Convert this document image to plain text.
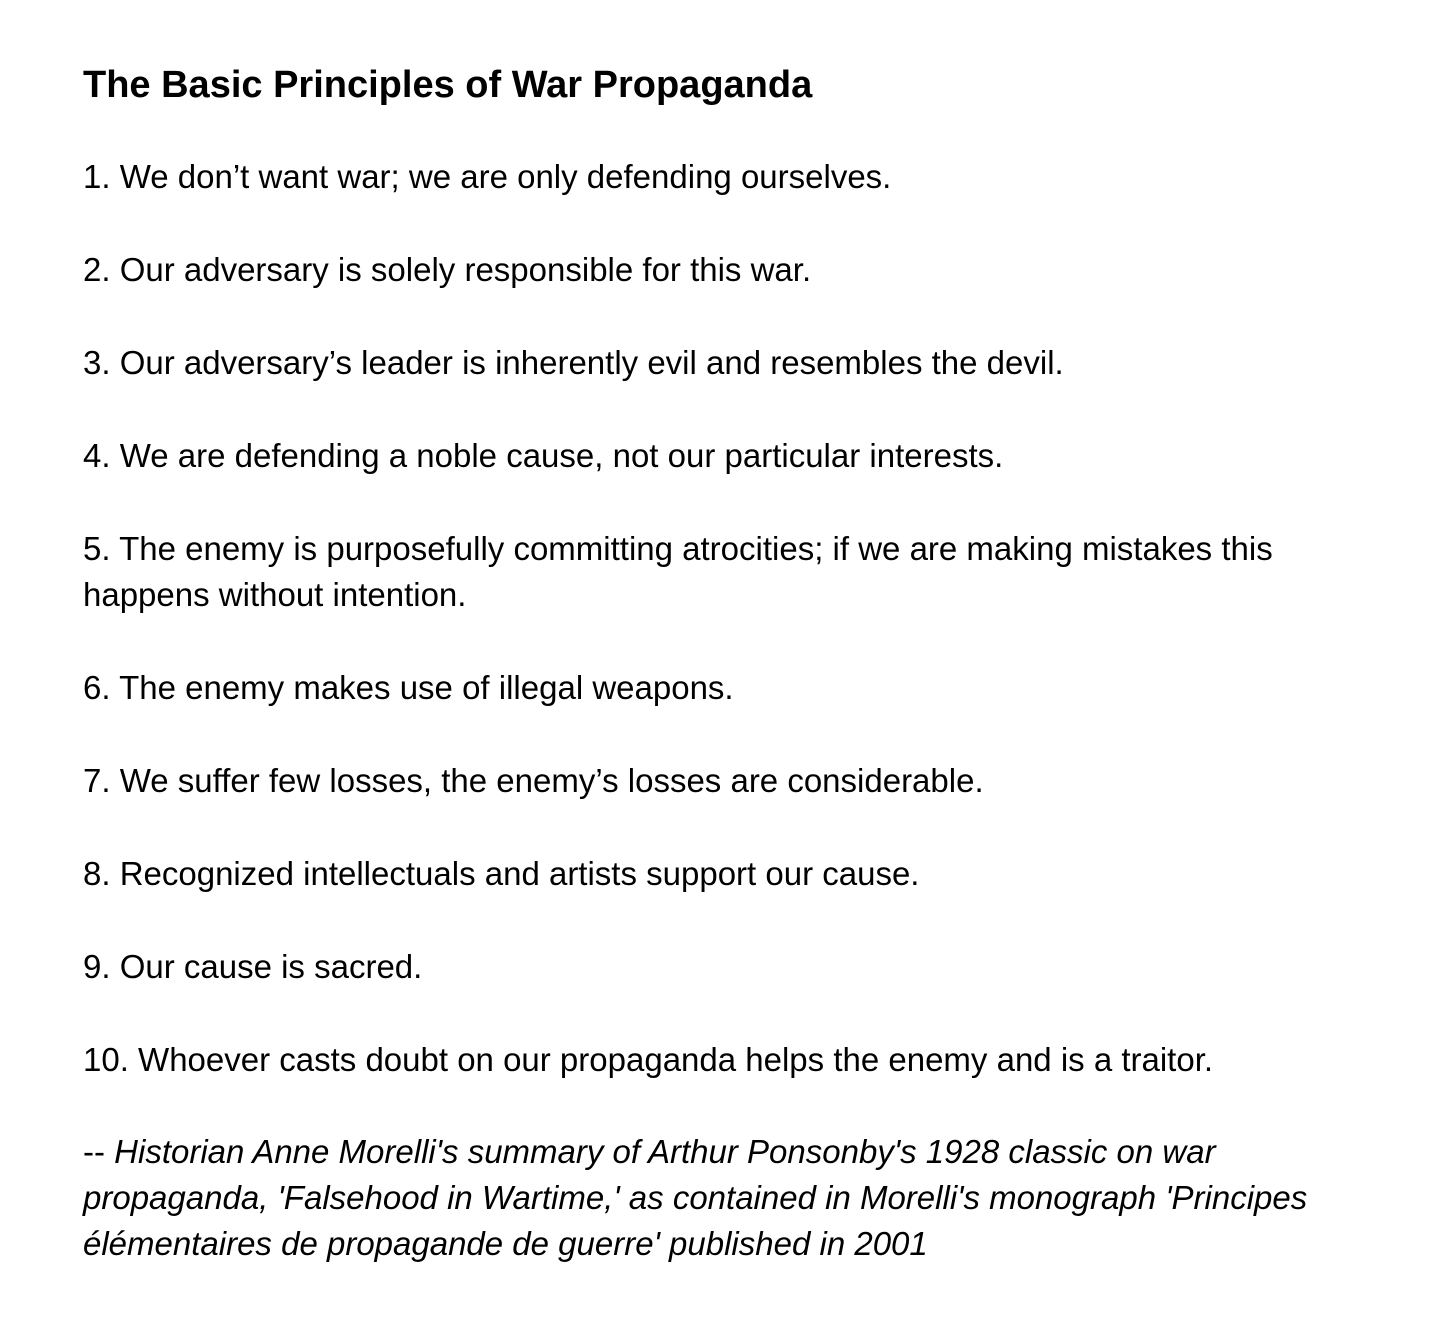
The Basic Principles of War Propaganda
1. We don’t want war; we are only defending ourselves.
2. Our adversary is solely responsible for this war.
3. Our adversary’s leader is inherently evil and resembles the devil.
4. We are defending a noble cause, not our particular interests.
5. The enemy is purposefully committing atrocities; if we are making mistakes this happens without intention.
6. The enemy makes use of illegal weapons.
7. We suffer few losses, the enemy’s losses are considerable.
8. Recognized intellectuals and artists support our cause.
9. Our cause is sacred.
10. Whoever casts doubt on our propaganda helps the enemy and is a traitor.

-- Historian Anne Morelli's summary of Arthur Ponsonby's 1928 classic on war propaganda, 'Falsehood in Wartime,' as contained in Morelli's monograph 'Principes élémentaires de propagande de guerre' published in 2001
